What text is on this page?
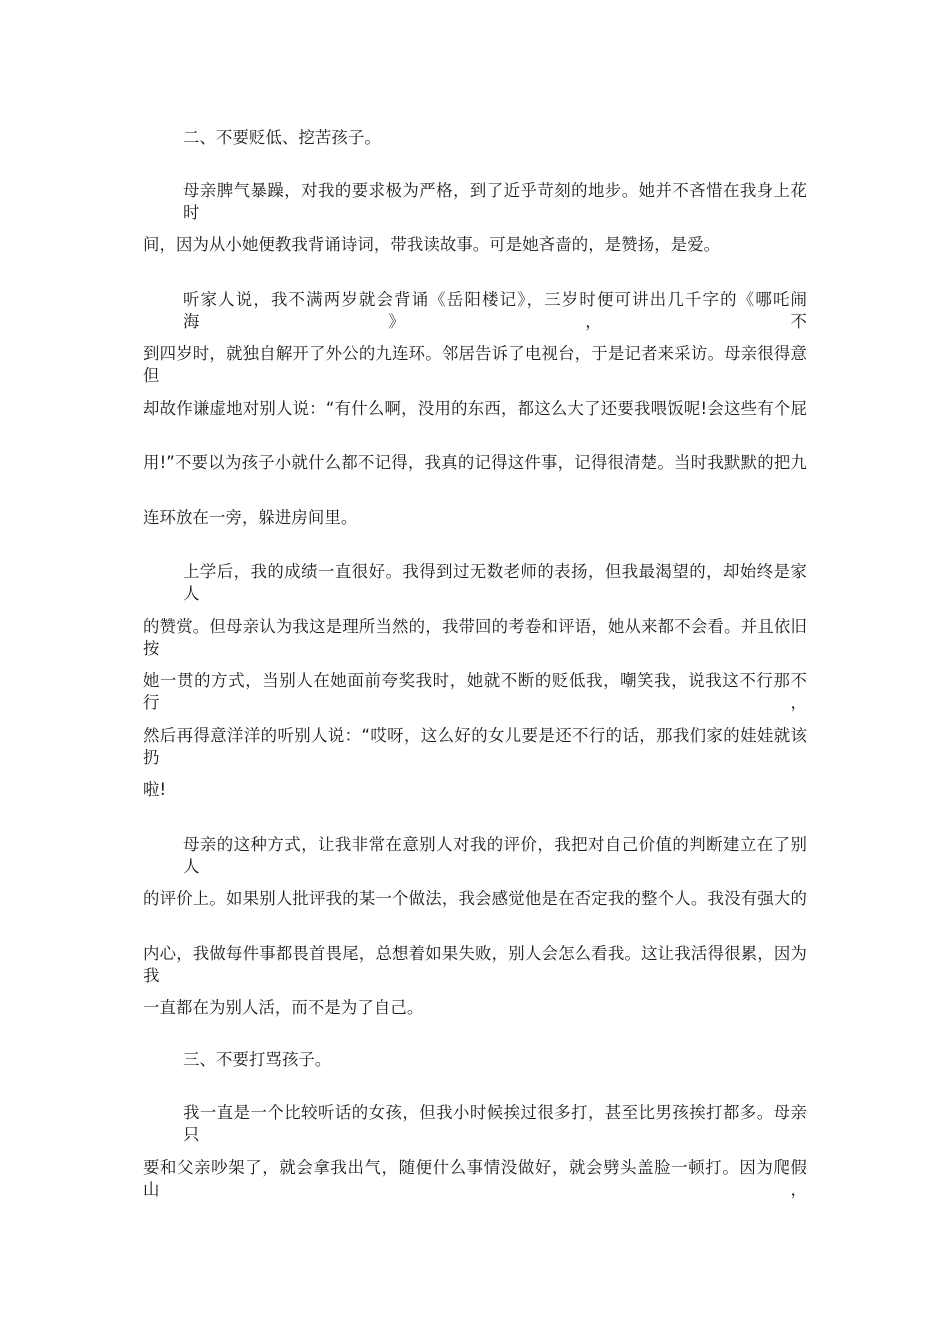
二、不要贬低、挖苦孩子。
母亲脾气暴躁，对我的要求极为严格，到了近乎苛刻的地步。她并不吝惜在我身上花时
间，因为从小她便教我背诵诗词，带我读故事。可是她吝啬的，是赞扬，是爱。
听家人说，我不满两岁就会背诵《岳阳楼记》，三岁时便可讲出几千字的《哪吒闹海》，不
到四岁时，就独自解开了外公的九连环。邻居告诉了电视台，于是记者来采访。母亲很得意但
却故作谦虚地对别人说：“有什么啊，没用的东西，都这么大了还要我喂饭呢!会这些有个屁
用!”不要以为孩子小就什么都不记得，我真的记得这件事，记得很清楚。当时我默默的把九
连环放在一旁，躲进房间里。
上学后，我的成绩一直很好。我得到过无数老师的表扬，但我最渴望的，却始终是家人
的赞赏。但母亲认为我这是理所当然的，我带回的考卷和评语，她从来都不会看。并且依旧按
她一贯的方式，当别人在她面前夸奖我时，她就不断的贬低我，嘲笑我，说我这不行那不行，
然后再得意洋洋的听别人说：“哎呀，这么好的女儿要是还不行的话，那我们家的娃娃就该扔
啦!
母亲的这种方式，让我非常在意别人对我的评价，我把对自己价值的判断建立在了别人
的评价上。如果别人批评我的某一个做法，我会感觉他是在否定我的整个人。我没有强大的
内心，我做每件事都畏首畏尾，总想着如果失败，别人会怎么看我。这让我活得很累，因为我
一直都在为别人活，而不是为了自己。
三、不要打骂孩子。
我一直是一个比较听话的女孩，但我小时候挨过很多打，甚至比男孩挨打都多。母亲只
要和父亲吵架了，就会拿我出气，随便什么事情没做好，就会劈头盖脸一顿打。因为爬假山，
